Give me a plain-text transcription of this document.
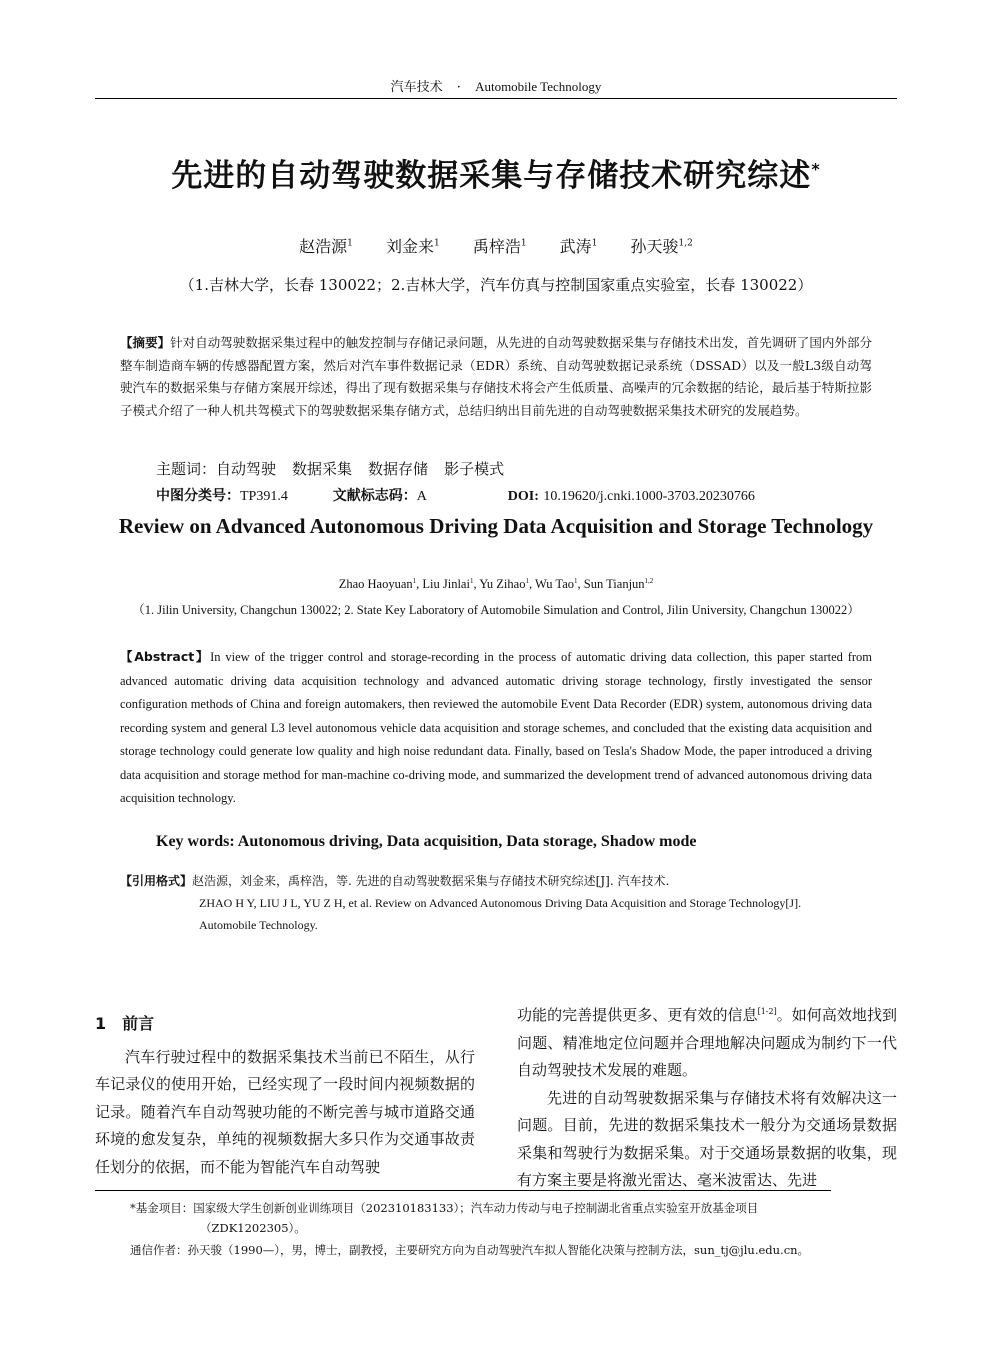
汽车技术 · Automobile Technology
先进的自动驾驶数据采集与存储技术研究综述*
赵浩源$^1$ 刘金来$^1$ 禹梓浩$^1$ 武涛$^1$ 孙天骏$^{1,2}$
（1.吉林大学，长春 130022；2.吉林大学，汽车仿真与控制国家重点实验室，长春 130022）
【摘要】针对自动驾驶数据采集过程中的触发控制与存储记录问题，从先进的自动驾驶数据采集与存储技术出发，首先调研了国内外部分整车制造商车辆的传感器配置方案，然后对汽车事件数据记录（EDR）系统、自动驾驶数据记录系统（DSSAD）以及一般L3级自动驾驶汽车的数据采集与存储方案展开综述，得出了现有数据采集与存储技术将会产生低质量、高噪声的冗余数据的结论，最后基于特斯拉影子模式介绍了一种人机共驾模式下的驾驶数据采集存储方式，总结归纳出目前先进的自动驾驶数据采集技术研究的发展趋势。
主题词：自动驾驶 数据采集 数据存储 影子模式
中图分类号：TP391.4	文献标志码：A	DOI: 10.19620/j.cnki.1000-3703.20230766
Review on Advanced Autonomous Driving Data Acquisition and Storage Technology
Zhao Haoyuan$^1$, Liu Jinlai$^1$, Yu Zihao$^1$, Wu Tao$^1$, Sun Tianjun$^{1,2}$
（1. Jilin University, Changchun 130022; 2. State Key Laboratory of Automobile Simulation and Control, Jilin University, Changchun 130022）
【Abstract】In view of the trigger control and storage-recording in the process of automatic driving data collection, this paper started from advanced automatic driving data acquisition technology and advanced automatic driving storage technology, firstly investigated the sensor configuration methods of China and foreign automakers, then reviewed the automobile Event Data Recorder (EDR) system, autonomous driving data recording system and general L3 level autonomous vehicle data acquisition and storage schemes, and concluded that the existing data acquisition and storage technology could generate low quality and high noise redundant data. Finally, based on Tesla's Shadow Mode, the paper introduced a driving data acquisition and storage method for man-machine co-driving mode, and summarized the development trend of advanced autonomous driving data acquisition technology.
Key words: Autonomous driving, Data acquisition, Data storage, Shadow mode
【引用格式】赵浩源，刘金来，禹梓浩，等. 先进的自动驾驶数据采集与存储技术研究综述[J]. 汽车技术.
ZHAO H Y, LIU J L, YU Z H, et al. Review on Advanced Autonomous Driving Data Acquisition and Storage Technology[J].
Automobile Technology.
1 前言

汽车行驶过程中的数据采集技术当前已不陌生，从行车记录仪的使用开始，已经实现了一段时间内视频数据的记录。随着汽车自动驾驶功能的不断完善与城市道路交通环境的愈发复杂，单纯的视频数据大多只作为交通事故责任划分的依据，而不能为智能汽车自动驾驶

功能的完善提供更多、更有效的信息[1-2]。如何高效地找到问题、精准地定位问题并合理地解决问题成为制约下一代自动驾驶技术发展的难题。

先进的自动驾驶数据采集与存储技术将有效解决这一问题。目前，先进的数据采集技术一般分为交通场景数据采集和驾驶行为数据采集。对于交通场景数据的收集，现有方案主要是将激光雷达、毫米波雷达、先进

*基金项目：国家级大学生创新创业训练项目（202310183133）；汽车动力传动与电子控制湖北省重点实验室开放基金项目
（ZDK1202305）。
通信作者：孙天骏（1990—），男，博士，副教授，主要研究方向为自动驾驶汽车拟人智能化决策与控制方法，sun_tj@jlu.edu.cn。
